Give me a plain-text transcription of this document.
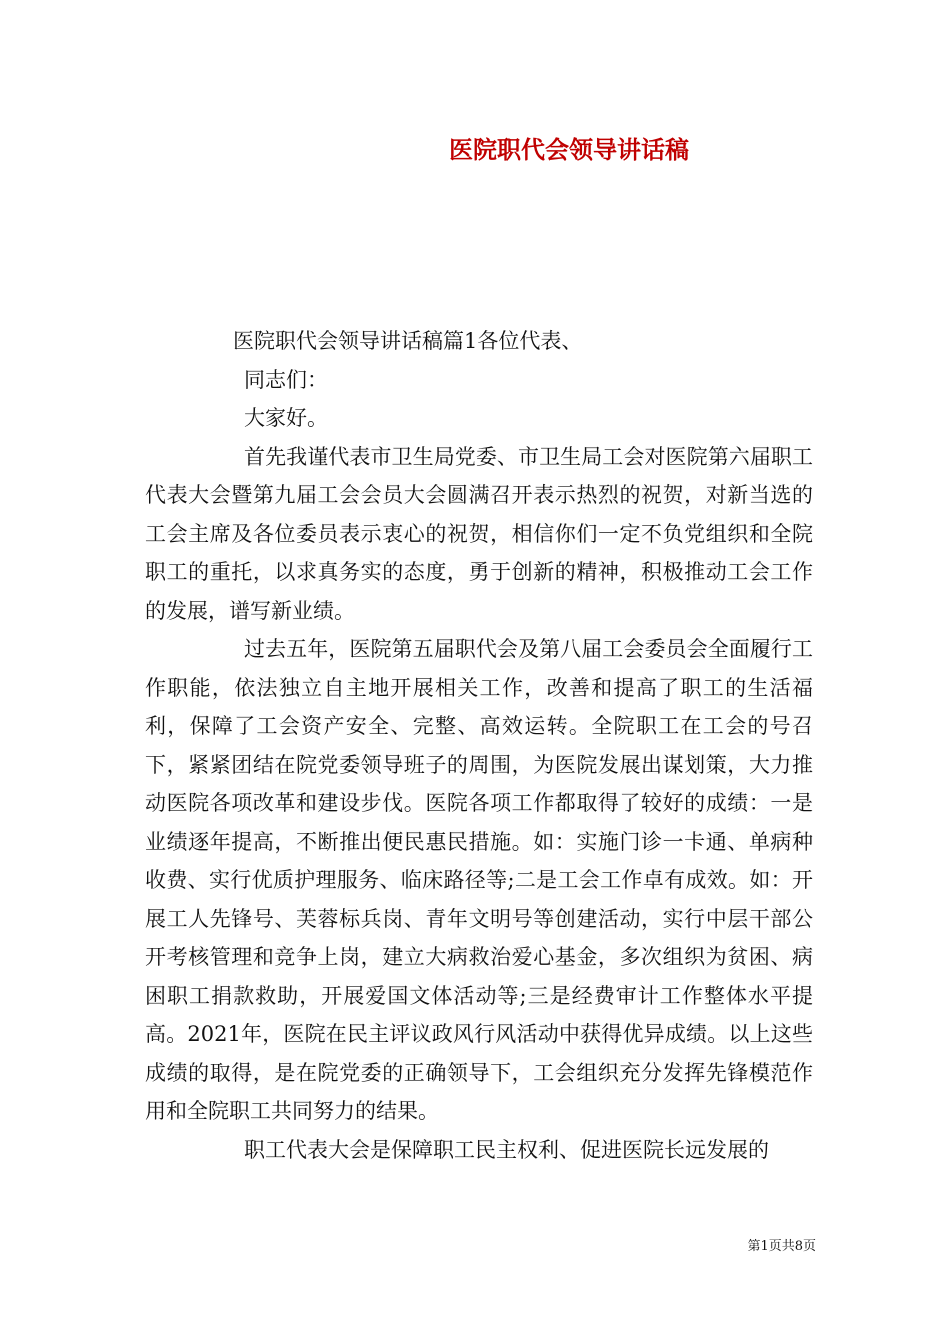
医院职代会领导讲话稿

医院职代会领导讲话稿篇1各位代表、

同志们：

大家好。

首先我谨代表市卫生局党委、市卫生局工会对医院第六届职工代表大会暨第九届工会会员大会圆满召开表示热烈的祝贺，对新当选的工会主席及各位委员表示衷心的祝贺，相信你们一定不负党组织和全院职工的重托，以求真务实的态度，勇于创新的精神，积极推动工会工作的发展，谱写新业绩。

过去五年，医院第五届职代会及第八届工会委员会全面履行工作职能，依法独立自主地开展相关工作，改善和提高了职工的生活福利，保障了工会资产安全、完整、高效运转。全院职工在工会的号召下，紧紧团结在院党委领导班子的周围，为医院发展出谋划策，大力推动医院各项改革和建设步伐。医院各项工作都取得了较好的成绩：一是业绩逐年提高，不断推出便民惠民措施。如：实施门诊一卡通、单病种收费、实行优质护理服务、临床路径等;二是工会工作卓有成效。如：开展工人先锋号、芙蓉标兵岗、青年文明号等创建活动，实行中层干部公开考核管理和竞争上岗，建立大病救治爱心基金，多次组织为贫困、病困职工捐款救助，开展爱国文体活动等;三是经费审计工作整体水平提高。2021年，医院在民主评议政风行风活动中获得优异成绩。以上这些成绩的取得，是在院党委的正确领导下，工会组织充分发挥先锋模范作用和全院职工共同努力的结果。

职工代表大会是保障职工民主权利、促进医院长远发展的

第1页共8页
